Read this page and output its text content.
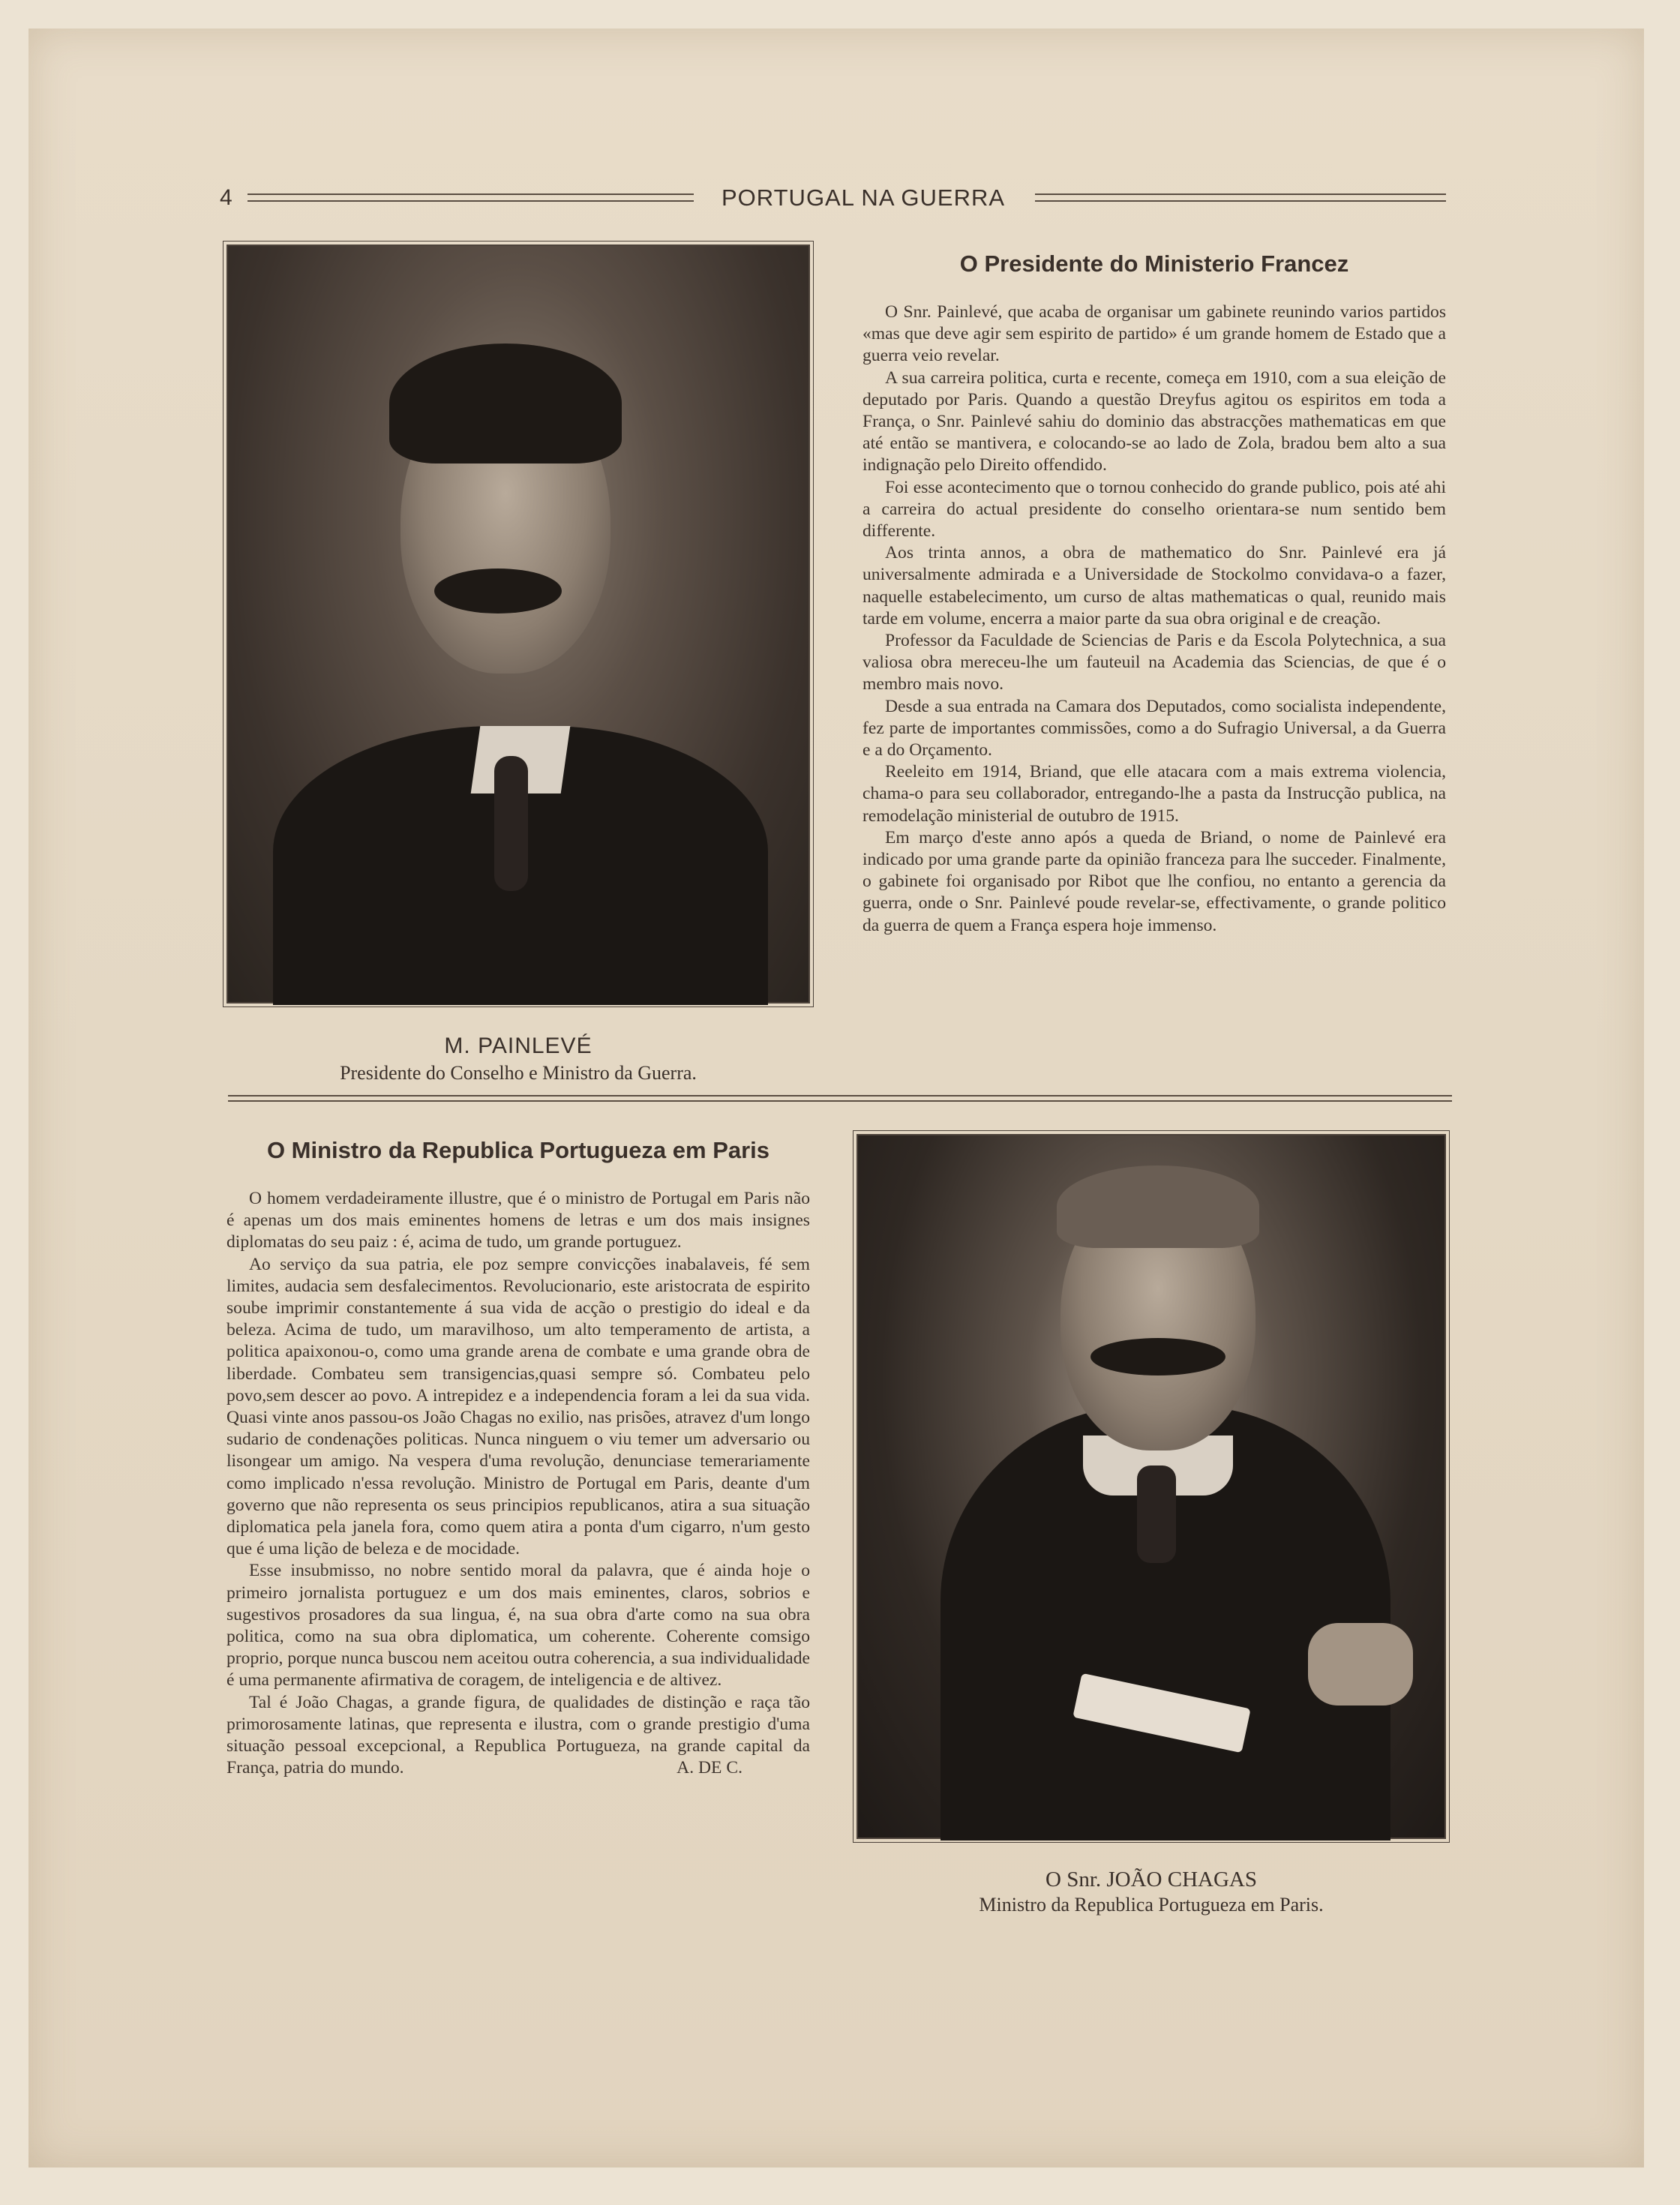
4	PORTUGAL NA GUERRA
M. PAINLEVÉ
Presidente do Conselho e Ministro da Guerra.
O Presidente do Ministerio Francez

O Snr. Painlevé, que acaba de organisar um gabinete reunindo varios partidos «mas que deve agir sem espirito de partido» é um grande homem de Estado que a guerra veio revelar.

A sua carreira politica, curta e recente, começa em 1910, com a sua eleição de deputado por Paris. Quando a questão Dreyfus agitou os espiritos em toda a França, o Snr. Painlevé sahiu do dominio das abstracções mathematicas em que até então se mantivera, e colocando-se ao lado de Zola, bradou bem alto a sua indignação pelo Direito offendido.

Foi esse acontecimento que o tornou conhecido do grande publico, pois até ahi a carreira do actual presidente do conselho orientara-se num sentido bem differente.

Aos trinta annos, a obra de mathematico do Snr. Painlevé era já universalmente admirada e a Universidade de Stockolmo convidava-o a fazer, naquelle estabelecimento, um curso de altas mathematicas o qual, reunido mais tarde em volume, encerra a maior parte da sua obra original e de creação.

Professor da Faculdade de Sciencias de Paris e da Escola Polytechnica, a sua valiosa obra mereceu-lhe um fauteuil na Academia das Sciencias, de que é o membro mais novo.

Desde a sua entrada na Camara dos Deputados, como socialista independente, fez parte de importantes commissões, como a do Sufragio Universal, a da Guerra e a do Orçamento.

Reeleito em 1914, Briand, que elle atacara com a mais extrema violencia, chama-o para seu collaborador, entregando-lhe a pasta da Instrucção publica, na remodelação ministerial de outubro de 1915.

Em março d'este anno após a queda de Briand, o nome de Painlevé era indicado por uma grande parte da opinião franceza para lhe succeder. Finalmente, o gabinete foi organisado por Ribot que lhe confiou, no entanto a gerencia da guerra, onde o Snr. Painlevé poude revelar-se, effectivamente, o grande politico da guerra de quem a França espera hoje immenso.

O Ministro da Republica Portugueza em Paris

O homem verdadeiramente illustre, que é o ministro de Portugal em Paris não é apenas um dos mais eminentes homens de letras e um dos mais insignes diplomatas do seu paiz : é, acima de tudo, um grande portuguez.

Ao serviço da sua patria, ele poz sempre convicções inabalaveis, fé sem limites, audacia sem desfalecimentos. Revolucionario, este aristocrata de espirito soube imprimir constantemente á sua vida de acção o prestigio do ideal e da beleza. Acima de tudo, um maravilhoso, um alto temperamento de artista, a politica apaixonou-o, como uma grande arena de combate e uma grande obra de liberdade. Combateu sem transigencias,quasi sempre só. Combateu pelo povo,sem descer ao povo. A intrepidez e a independencia foram a lei da sua vida. Quasi vinte anos passou-os João Chagas no exilio, nas prisões, atravez d'um longo sudario de condenações politicas. Nunca ninguem o viu temer um adversario ou lisongear um amigo. Na vespera d'uma revolução, denunciase temerariamente como implicado n'essa revolução. Ministro de Portugal em Paris, deante d'um governo que não representa os seus principios republicanos, atira a sua situação diplomatica pela janela fora, como quem atira a ponta d'um cigarro, n'um gesto que é uma lição de beleza e de mocidade.

Esse insubmisso, no nobre sentido moral da palavra, que é ainda hoje o primeiro jornalista portuguez e um dos mais eminentes, claros, sobrios e sugestivos prosadores da sua lingua, é, na sua obra d'arte como na sua obra politica, como na sua obra diplomatica, um coherente. Coherente comsigo proprio, porque nunca buscou nem aceitou outra coherencia, a sua individualidade é uma permanente afirmativa de coragem, de inteligencia e de altivez.

Tal é João Chagas, a grande figura, de qualidades de distinção e raça tão primorosamente latinas, que representa e ilustra, com o grande prestigio d'uma situação pessoal excepcional, a Republica Portugueza, na grande capital da França, patria do mundo.	A. DE C.
O Snr. JOÃO CHAGAS
Ministro da Republica Portugueza em Paris.
